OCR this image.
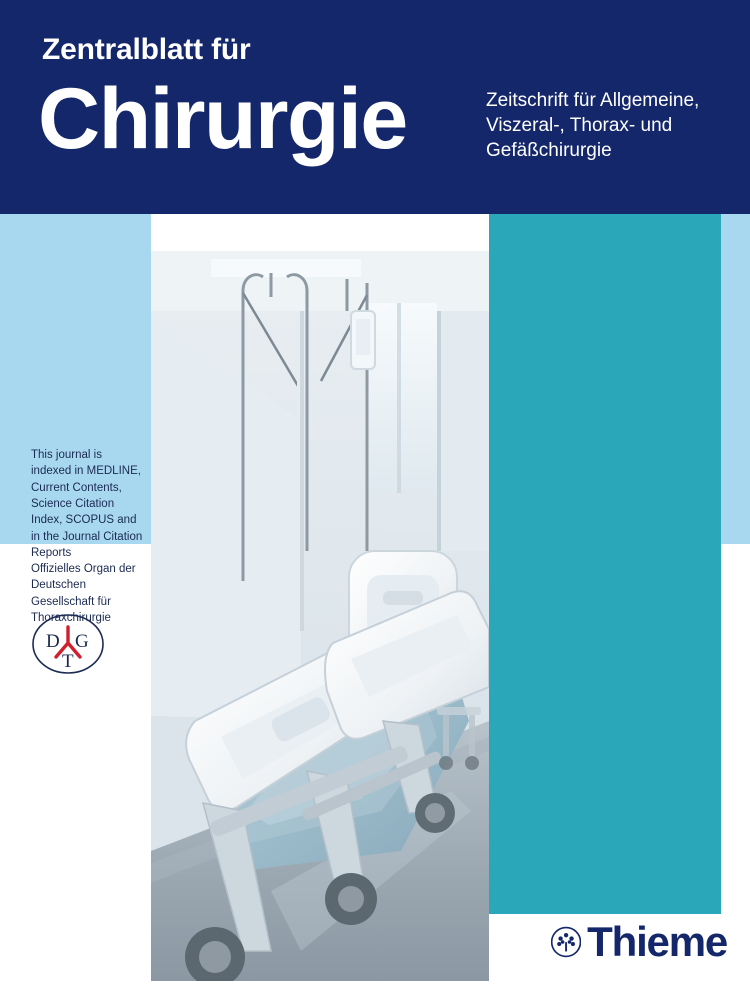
Zentralblatt für
Chirurgie	Zeitschrift für Allgemeine, Viszeral-, Thorax- und Gefäßchirurgie
This journal is indexed in MEDLINE, Current Contents, Science Citation Index, SCOPUS and in the Journal Citation Reports
Offizielles Organ der Deutschen Gesellschaft für Thoraxchirurgie
D G
T
Thieme
